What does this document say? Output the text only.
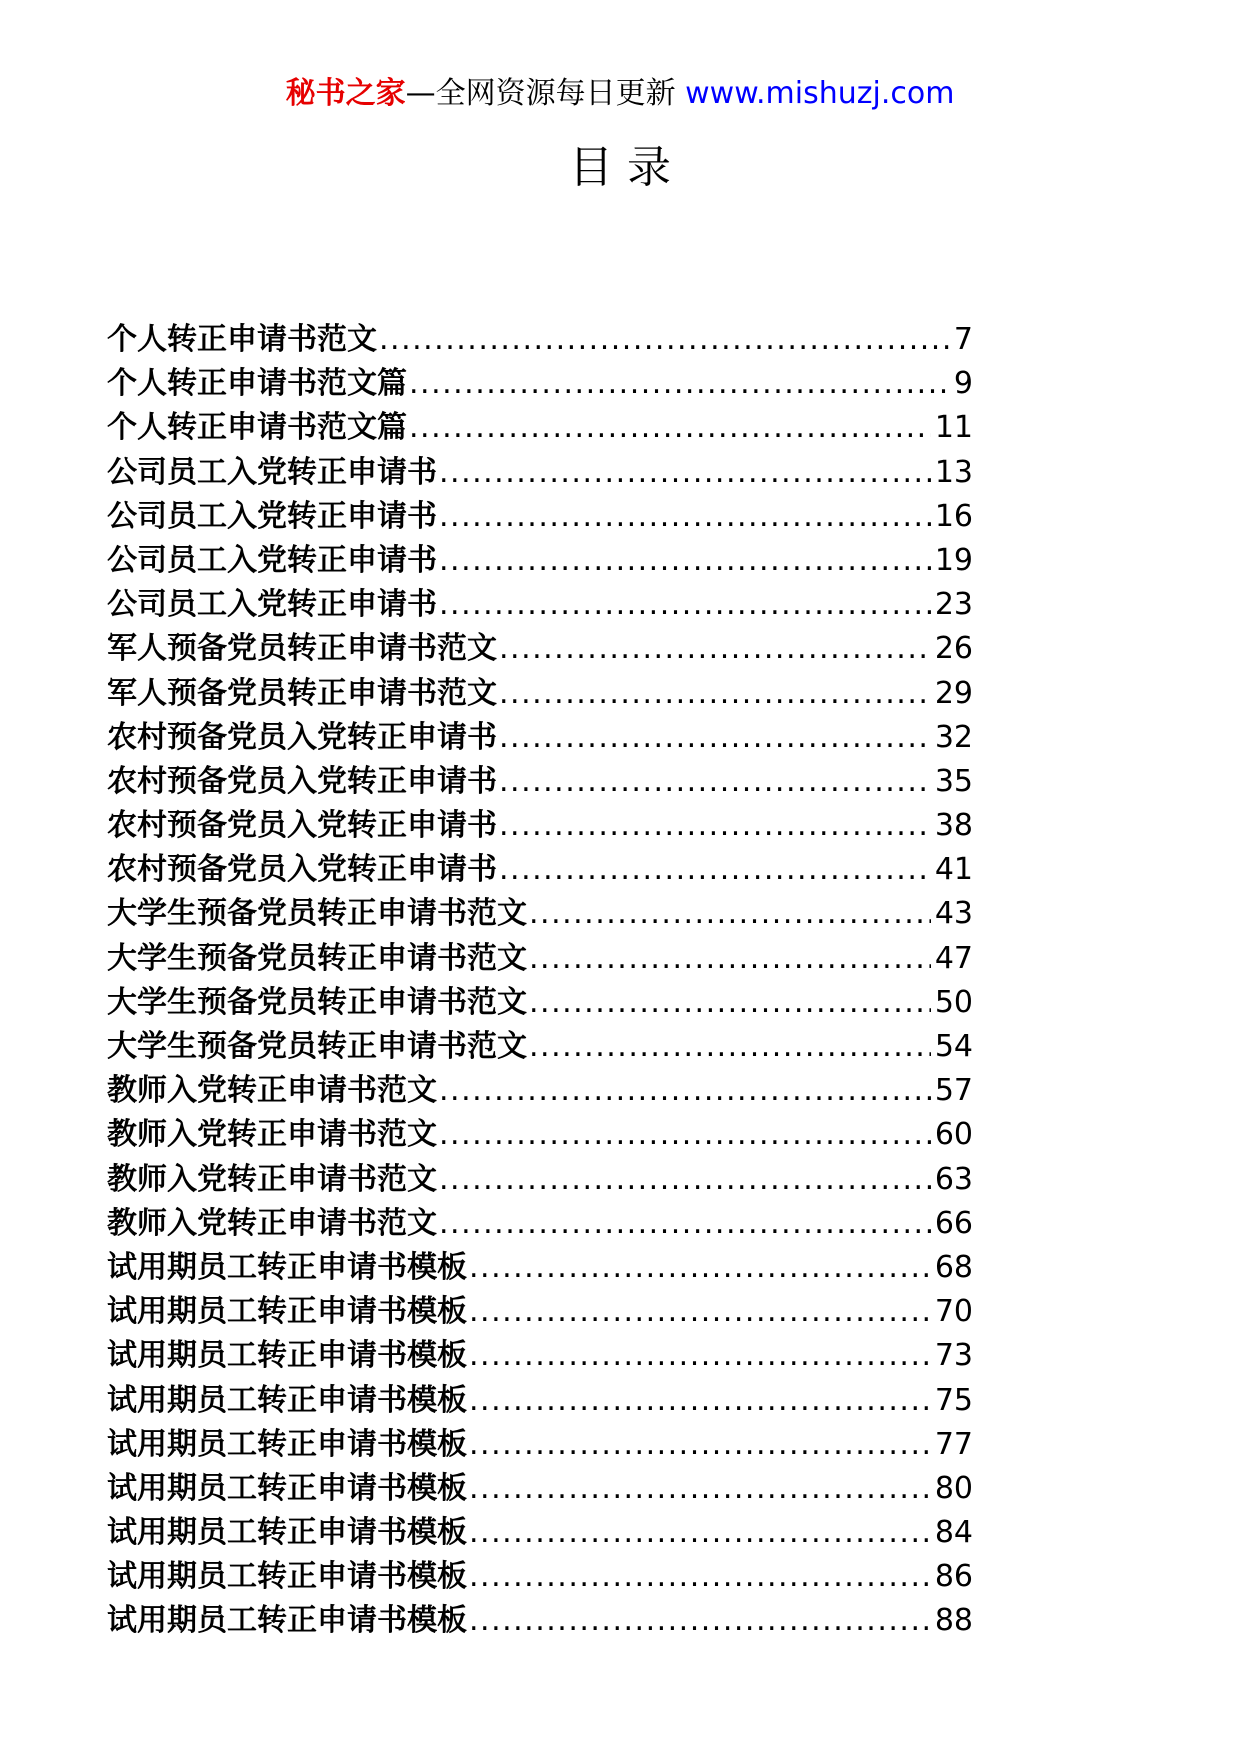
秘书之家—全网资源每日更新 www.mishuzj.com
目 录
个人转正申请书范文 .....	7
个人转正申请书范文篇 .....	9
个人转正申请书范文篇 .....	11
公司员工入党转正申请书 .....	13
公司员工入党转正申请书 .....	16
公司员工入党转正申请书 .....	19
公司员工入党转正申请书 .....	23
军人预备党员转正申请书范文 .....	26
军人预备党员转正申请书范文 .....	29
农村预备党员入党转正申请书 .....	32
农村预备党员入党转正申请书 .....	35
农村预备党员入党转正申请书 .....	38
农村预备党员入党转正申请书 .....	41
大学生预备党员转正申请书范文 .....	43
大学生预备党员转正申请书范文 .....	47
大学生预备党员转正申请书范文 .....	50
大学生预备党员转正申请书范文 .....	54
教师入党转正申请书范文 .....	57
教师入党转正申请书范文 .....	60
教师入党转正申请书范文 .....	63
教师入党转正申请书范文 .....	66
试用期员工转正申请书模板 .....	68
试用期员工转正申请书模板 .....	70
试用期员工转正申请书模板 .....	73
试用期员工转正申请书模板 .....	75
试用期员工转正申请书模板 .....	77
试用期员工转正申请书模板 .....	80
试用期员工转正申请书模板 .....	84
试用期员工转正申请书模板 .....	86
试用期员工转正申请书模板 .....	88
